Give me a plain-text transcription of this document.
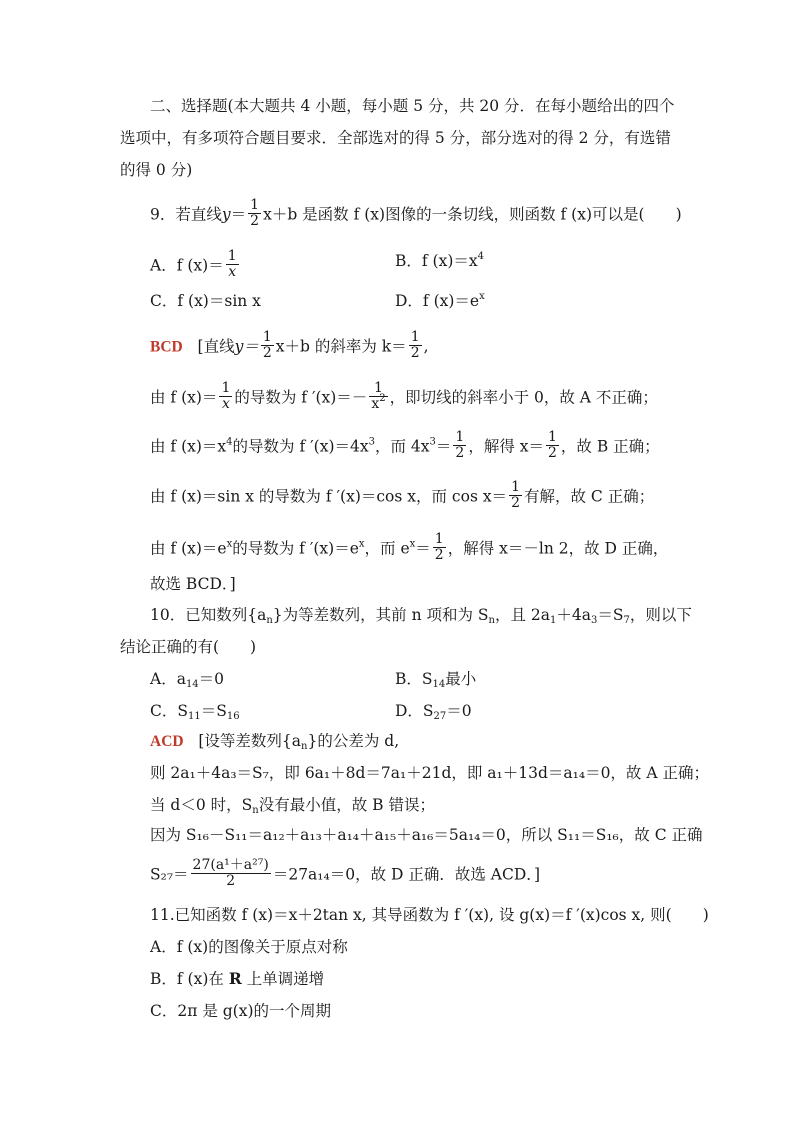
二、选择题(本大题共 4 小题，每小题 5 分，共 20 分．在每小题给出的四个
选项中，有多项符合题目要求．全部选对的得 5 分，部分选对的得 2 分，有选错
的得 0 分)
9．若直线$y= \frac{1}{2} x+b$ 是函数 f (x)图像的一条切线，则函数 f (x)可以是(　　)
A．f $(x)= \frac{1}{x}$	B．f $(x)=x^4$
C．f (x)＝sin x	D．f $(x)=e^x$
BCD [直线$y= \frac{1}{2} x+b$ 的斜率为 $k= \frac{1}{2}$ ,
由 f $(x)= \frac{1}{x}$ 的导数为 f $'(x)=- \frac{1}{x^2}$ ，即切线的斜率小于 0，故 A 不正确；
由 f $(x)=x^4$的导数为 f $'(x)=4x^3$，而 $4x^3= \frac{1}{2}$ ，解得 $x= \frac{1}{2}$ ，故 B 正确；
由 f (x)＝sin x 的导数为 f ′(x)＝cos x，而 $\cos x= \frac{1}{2}$ 有解，故 C 正确；
由 f $(x)=e^x$的导数为 f $'(x)=e^x$，而 $e^x= \frac{1}{2}$ ，解得 x＝－ln 2，故 D 正确，
故选 BCD．]
10．已知数列$\{a_n\}$为等差数列，其前 n 项和为 $S_n$，且 $2a_1+4a_3=S_7$，则以下
结论正确的有(　　)
A．$a_{14}=0$	B．$S_{14}$最小
C．$S_{11}=S_{16}$	D．$S_{27}=0$
ACD [设等差数列$\{a_n\}$的公差为 d,
则 2a₁＋4a₃＝S₇，即 6a₁＋8d＝7a₁＋21d，即 a₁＋13d＝a₁₄＝0，故 A 正确；
当 d＜0 时，$S_n$没有最小值，故 B 错误；
因为 S₁₆－S₁₁＝a₁₂＋a₁₃＋a₁₄＋a₁₅＋a₁₆＝5a₁₄＝0，所以 S₁₁＝S₁₆，故 C 正确
$S_{27}= \frac{\text{27(a¹＋a²⁷)}}{2} =27a_{14}=0$，故 D 正确．故选 ACD．]
11.已知函数 f (x)＝x＋2tan x, 其导函数为 f ′(x), 设 g(x)＝f ′(x)cos x, 则(　　)
A．f (x)的图像关于原点对称
B．f (x)在 R 上单调递增
C．2π 是 g(x)的一个周期
